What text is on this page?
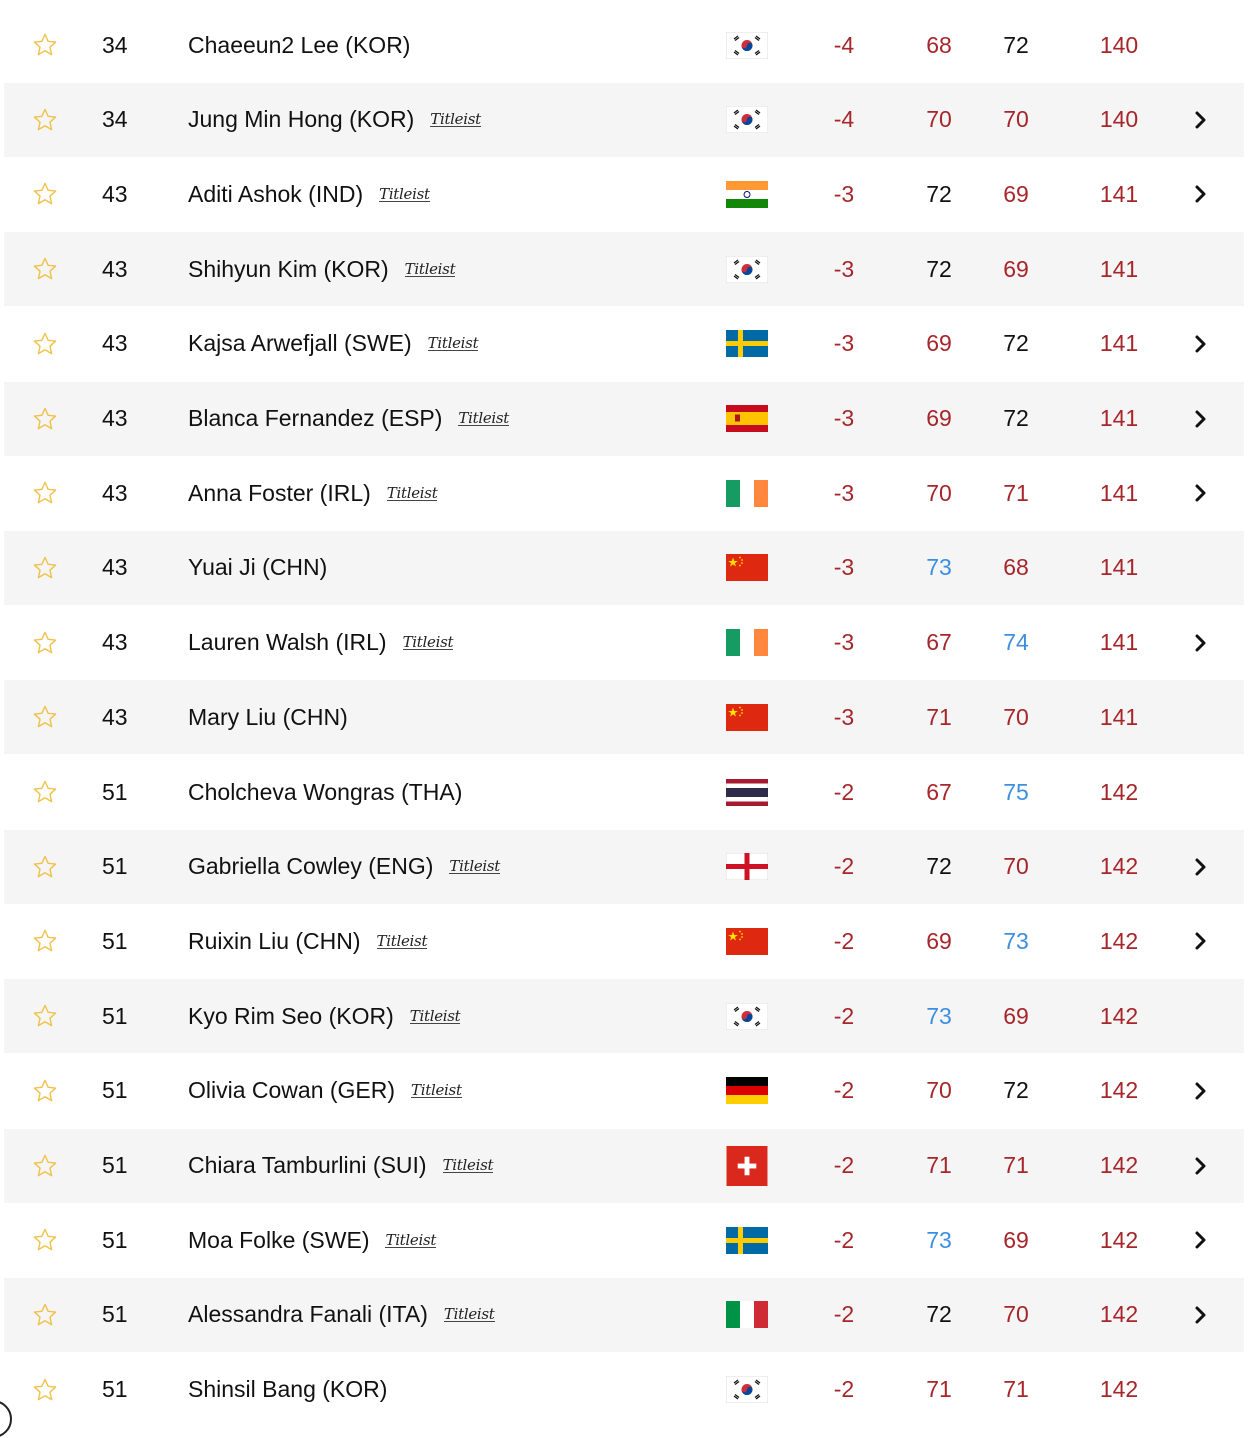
34	Chaeeun2 Lee (KOR)	-4	68	72	140
34	Jung Min Hong (KOR) Titleist	-4	70	70	140
43	Aditi Ashok (IND) Titleist	-3	72	69	141
43	Shihyun Kim (KOR) Titleist	-3	72	69	141
43	Kajsa Arwefjall (SWE) Titleist	-3	69	72	141
43	Blanca Fernandez (ESP) Titleist	-3	69	72	141
43	Anna Foster (IRL) Titleist	-3	70	71	141
43	Yuai Ji (CHN)	-3	73	68	141
43	Lauren Walsh (IRL) Titleist	-3	67	74	141
43	Mary Liu (CHN)	-3	71	70	141
51	Cholcheva Wongras (THA)	-2	67	75	142
51	Gabriella Cowley (ENG) Titleist	-2	72	70	142
51	Ruixin Liu (CHN) Titleist	-2	69	73	142
51	Kyo Rim Seo (KOR) Titleist	-2	73	69	142
51	Olivia Cowan (GER) Titleist	-2	70	72	142
51	Chiara Tamburlini (SUI) Titleist	-2	71	71	142
51	Moa Folke (SWE) Titleist	-2	73	69	142
51	Alessandra Fanali (ITA) Titleist	-2	72	70	142
51	Shinsil Bang (KOR)	-2	71	71	142
